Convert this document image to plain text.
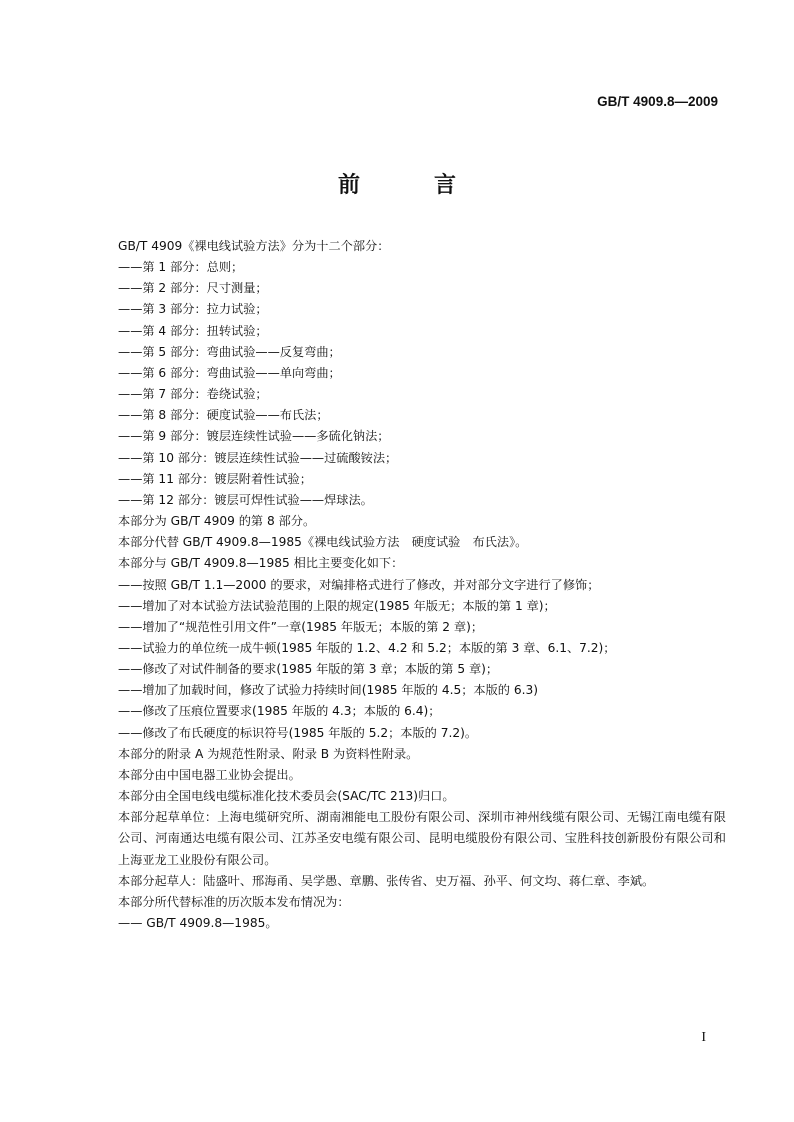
GB/T 4909.8—2009
前　言
GB/T 4909《裸电线试验方法》分为十二个部分：
——第 1 部分：总则；
——第 2 部分：尺寸测量；
——第 3 部分：拉力试验；
——第 4 部分：扭转试验；
——第 5 部分：弯曲试验——反复弯曲；
——第 6 部分：弯曲试验——单向弯曲；
——第 7 部分：卷绕试验；
——第 8 部分：硬度试验——布氏法；
——第 9 部分：镀层连续性试验——多硫化钠法；
——第 10 部分：镀层连续性试验——过硫酸铵法；
——第 11 部分：镀层附着性试验；
——第 12 部分：镀层可焊性试验——焊球法。
本部分为 GB/T 4909 的第 8 部分。
本部分代替 GB/T 4909.8—1985《裸电线试验方法　硬度试验　布氏法》。
本部分与 GB/T 4909.8—1985 相比主要变化如下：
——按照 GB/T 1.1—2000 的要求，对编排格式进行了修改，并对部分文字进行了修饰；
——增加了对本试验方法试验范围的上限的规定(1985 年版无；本版的第 1 章)；
——增加了“规范性引用文件”一章(1985 年版无；本版的第 2 章)；
——试验力的单位统一成牛顿(1985 年版的 1.2、4.2 和 5.2；本版的第 3 章、6.1、7.2)；
——修改了对试件制备的要求(1985 年版的第 3 章；本版的第 5 章)；
——增加了加载时间，修改了试验力持续时间(1985 年版的 4.5；本版的 6.3)
——修改了压痕位置要求(1985 年版的 4.3；本版的 6.4)；
——修改了布氏硬度的标识符号(1985 年版的 5.2；本版的 7.2)。
本部分的附录 A 为规范性附录、附录 B 为资料性附录。
本部分由中国电器工业协会提出。
本部分由全国电线电缆标准化技术委员会(SAC/TC 213)归口。
本部分起草单位：上海电缆研究所、湖南湘能电工股份有限公司、深圳市神州线缆有限公司、无锡江南电缆有限公司、河南通达电缆有限公司、江苏圣安电缆有限公司、昆明电缆股份有限公司、宝胜科技创新股份有限公司和上海亚龙工业股份有限公司。
本部分起草人：陆盛叶、邢海甬、吴学愚、章鹏、张传省、史万福、孙平、何文均、蒋仁章、李斌。
本部分所代替标准的历次版本发布情况为：
—— GB/T 4909.8—1985。
I
